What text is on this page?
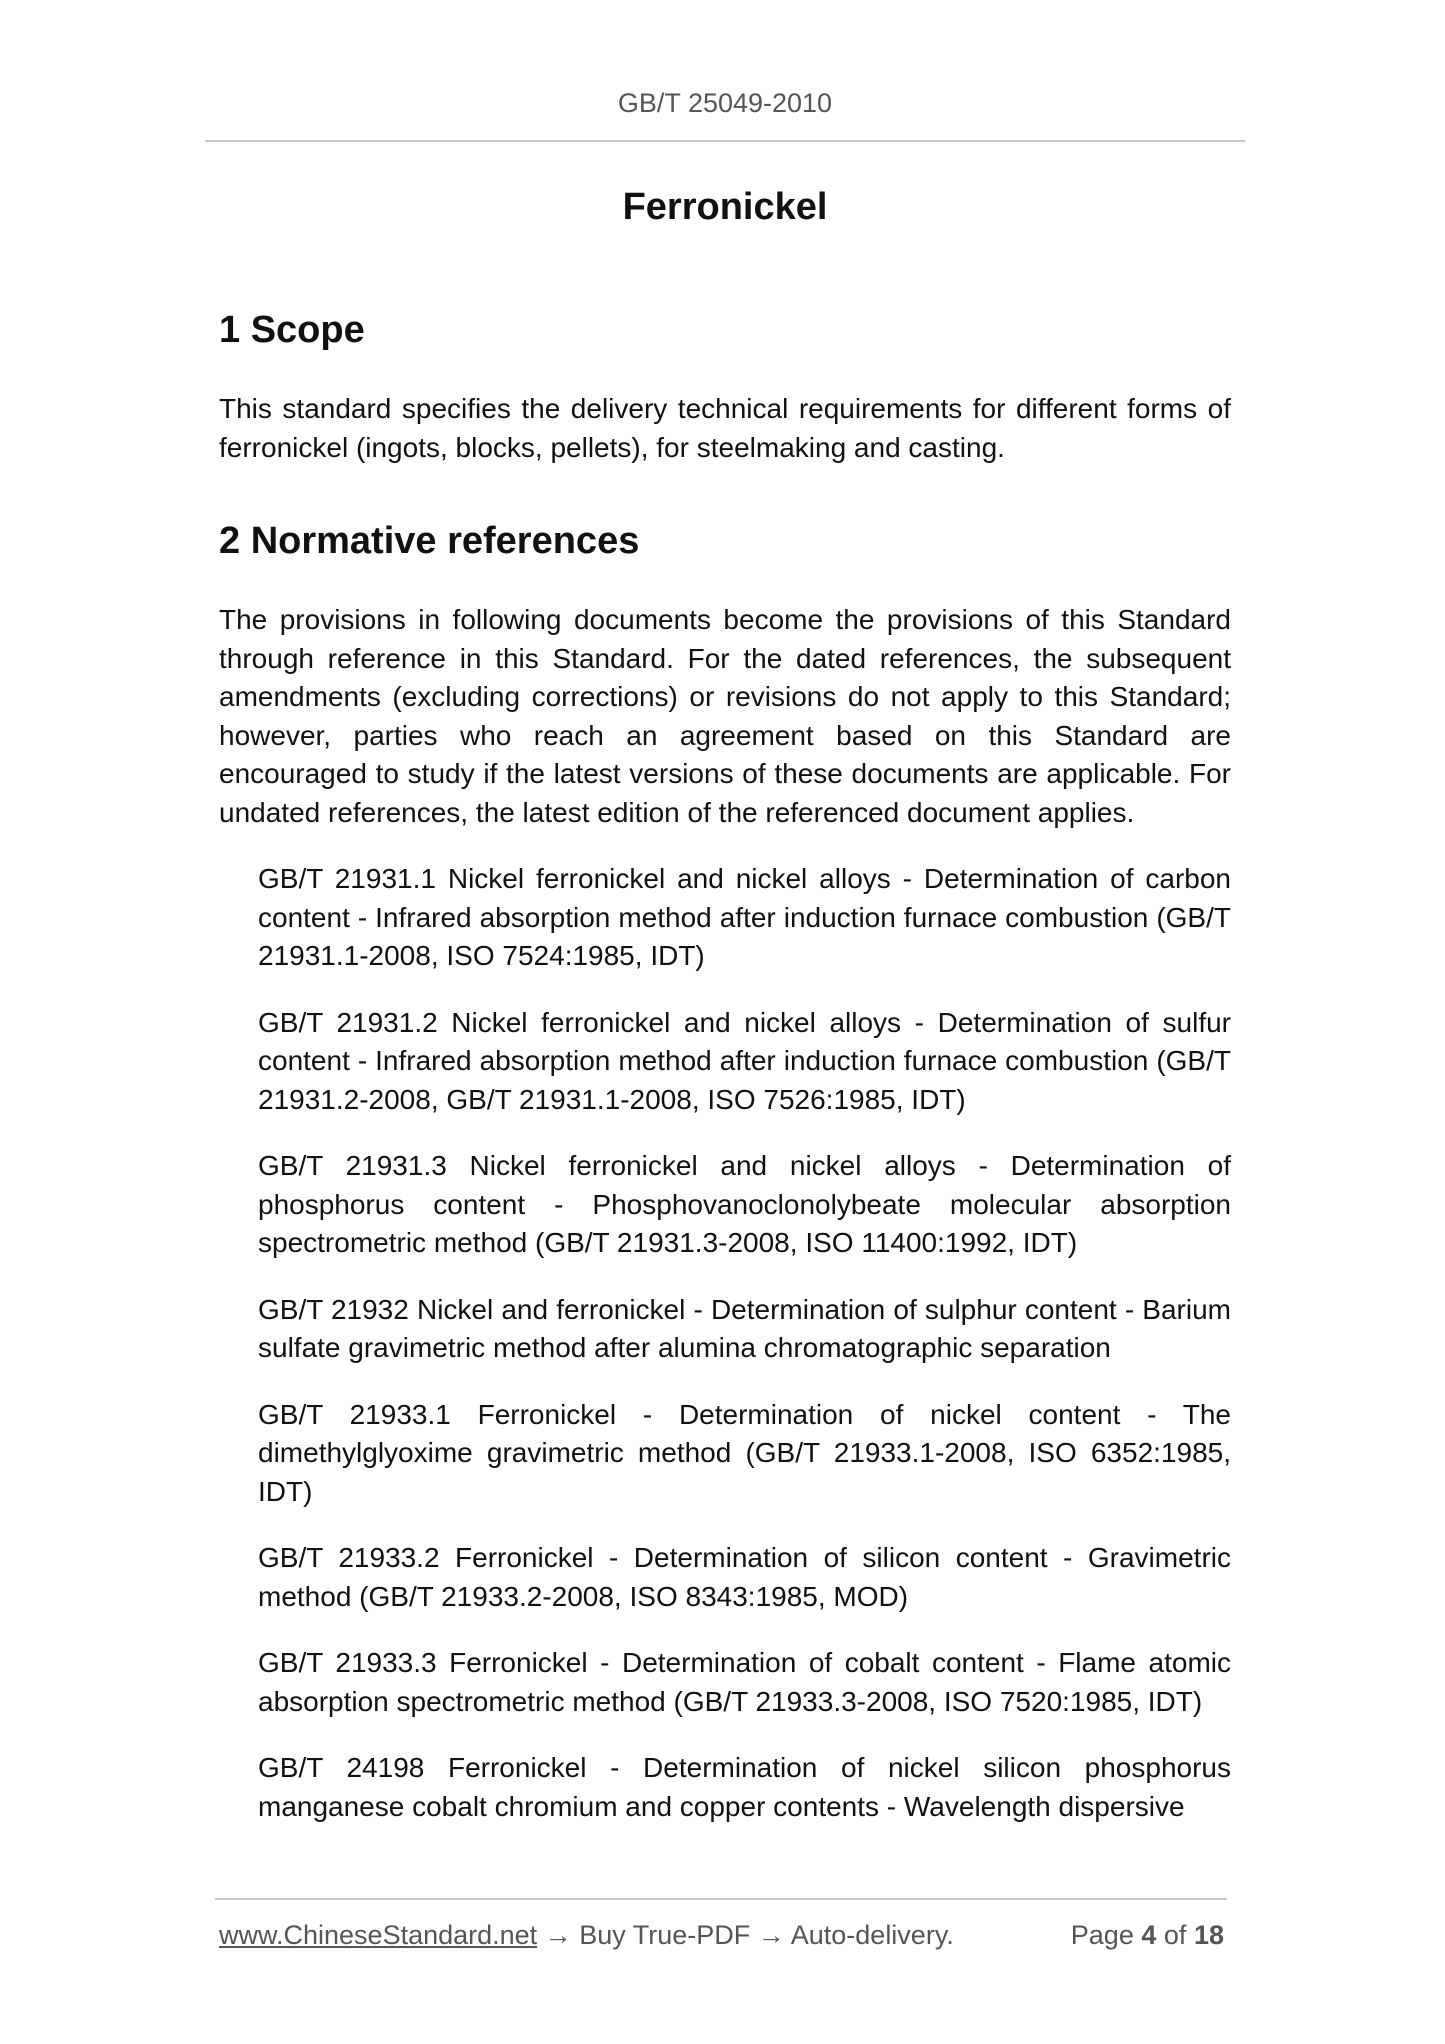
GB/T 25049-2010
Ferronickel
1 Scope

This standard specifies the delivery technical requirements for different forms of ferronickel (ingots, blocks, pellets), for steelmaking and casting.

2 Normative references

The provisions in following documents become the provisions of this Standard through reference in this Standard. For the dated references, the subsequent amendments (excluding corrections) or revisions do not apply to this Standard; however, parties who reach an agreement based on this Standard are encouraged to study if the latest versions of these documents are applicable. For undated references, the latest edition of the referenced document applies.

GB/T 21931.1 Nickel ferronickel and nickel alloys - Determination of carbon content - Infrared absorption method after induction furnace combustion (GB/T 21931.1-2008, ISO 7524:1985, IDT)

GB/T 21931.2 Nickel ferronickel and nickel alloys - Determination of sulfur content - Infrared absorption method after induction furnace combustion (GB/T 21931.2-2008, GB/T 21931.1-2008, ISO 7526:1985, IDT)

GB/T 21931.3 Nickel ferronickel and nickel alloys - Determination of phosphorus content - Phosphovanoclonolybeate molecular absorption spectrometric method (GB/T 21931.3-2008, ISO 11400:1992, IDT)

GB/T 21932 Nickel and ferronickel - Determination of sulphur content - Barium sulfate gravimetric method after alumina chromatographic separation

GB/T 21933.1 Ferronickel - Determination of nickel content - The dimethylglyoxime gravimetric method (GB/T 21933.1-2008, ISO 6352:1985, IDT)

GB/T 21933.2 Ferronickel - Determination of silicon content - Gravimetric method (GB/T 21933.2-2008, ISO 8343:1985, MOD)

GB/T 21933.3 Ferronickel - Determination of cobalt content - Flame atomic absorption spectrometric method (GB/T 21933.3-2008, ISO 7520:1985, IDT)

GB/T 24198 Ferronickel - Determination of nickel silicon phosphorus manganese cobalt chromium and copper contents - Wavelength dispersive

www.ChineseStandard.net → Buy True-PDF → Auto-delivery.	Page 4 of 18
